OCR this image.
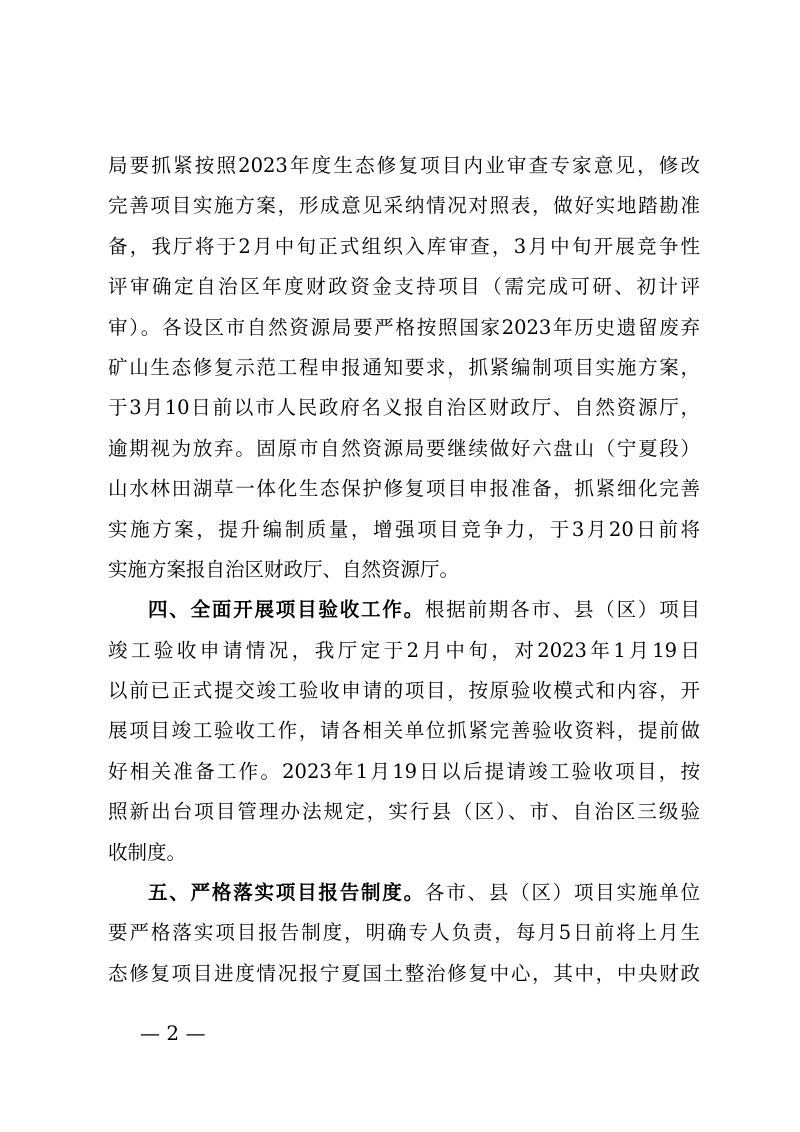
局要抓紧按照2023年度生态修复项目内业审查专家意见，修改
完善项目实施方案，形成意见采纳情况对照表，做好实地踏勘准
备，我厅将于2月中旬正式组织入库审查，3月中旬开展竞争性
评审确定自治区年度财政资金支持项目（需完成可研、初计评
审）。各设区市自然资源局要严格按照国家2023年历史遗留废弃
矿山生态修复示范工程申报通知要求，抓紧编制项目实施方案，
于3月10日前以市人民政府名义报自治区财政厅、自然资源厅，
逾期视为放弃。固原市自然资源局要继续做好六盘山（宁夏段）
山水林田湖草一体化生态保护修复项目申报准备，抓紧细化完善
实施方案，提升编制质量，增强项目竞争力，于3月20日前将
实施方案报自治区财政厅、自然资源厅。
四、全面开展项目验收工作。根据前期各市、县（区）项目
竣工验收申请情况，我厅定于2月中旬，对2023年1月19日
以前已正式提交竣工验收申请的项目，按原验收模式和内容，开
展项目竣工验收工作，请各相关单位抓紧完善验收资料，提前做
好相关准备工作。2023年1月19日以后提请竣工验收项目，按
照新出台项目管理办法规定，实行县（区）、市、自治区三级验
收制度。
五、严格落实项目报告制度。各市、县（区）项目实施单位
要严格落实项目报告制度，明确专人负责，每月5日前将上月生
态修复项目进度情况报宁夏国土整治修复中心，其中，中央财政
— 2 —
